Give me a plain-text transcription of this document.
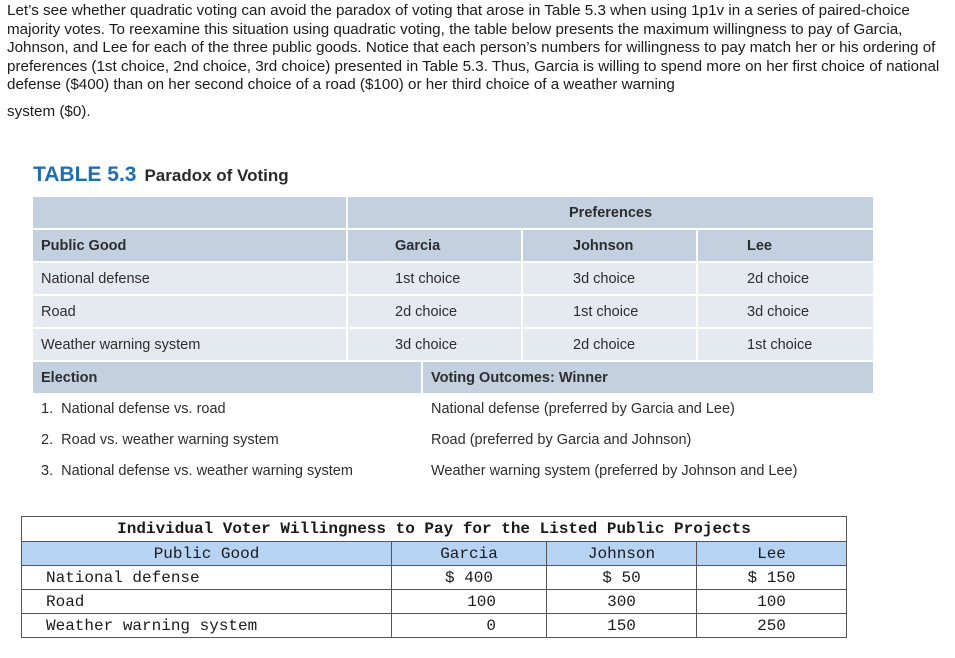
Let’s see whether quadratic voting can avoid the paradox of voting that arose in Table 5.3 when using 1p1v in a series of paired-choice majority votes. To reexamine this situation using quadratic voting, the table below presents the maximum willingness to pay of Garcia, Johnson, and Lee for each of the three public goods. Notice that each person’s numbers for willingness to pay match her or his ordering of preferences (1st choice, 2nd choice, 3rd choice) presented in Table 5.3. Thus, Garcia is willing to spend more on her first choice of national defense ($400) than on her second choice of a road ($100) or her third choice of a weather warning
system ($0).
TABLE 5.3 Paradox of Voting
	Preferences			
Public Good	Garcia		Johnson	Lee
National defense	1st choice		3d choice	2d choice
Road	2d choice		1st choice	3d choice
Weather warning system	3d choice		2d choice	1st choice
Election		Voting Outcomes: Winner		
1. National defense vs. road		National defense (preferred by Garcia and Lee)		
2. Road vs. weather warning system		Road (preferred by Garcia and Johnson)		
3. National defense vs. weather warning system		Weather warning system (preferred by Johnson and Lee)		
Individual Voter Willingness to Pay for the Listed Public Projects			
Public Good	Garcia	Johnson	Lee
National defense	$ 400	$ 50	$ 150
Road	100	300	100
Weather warning system	0	150	250
